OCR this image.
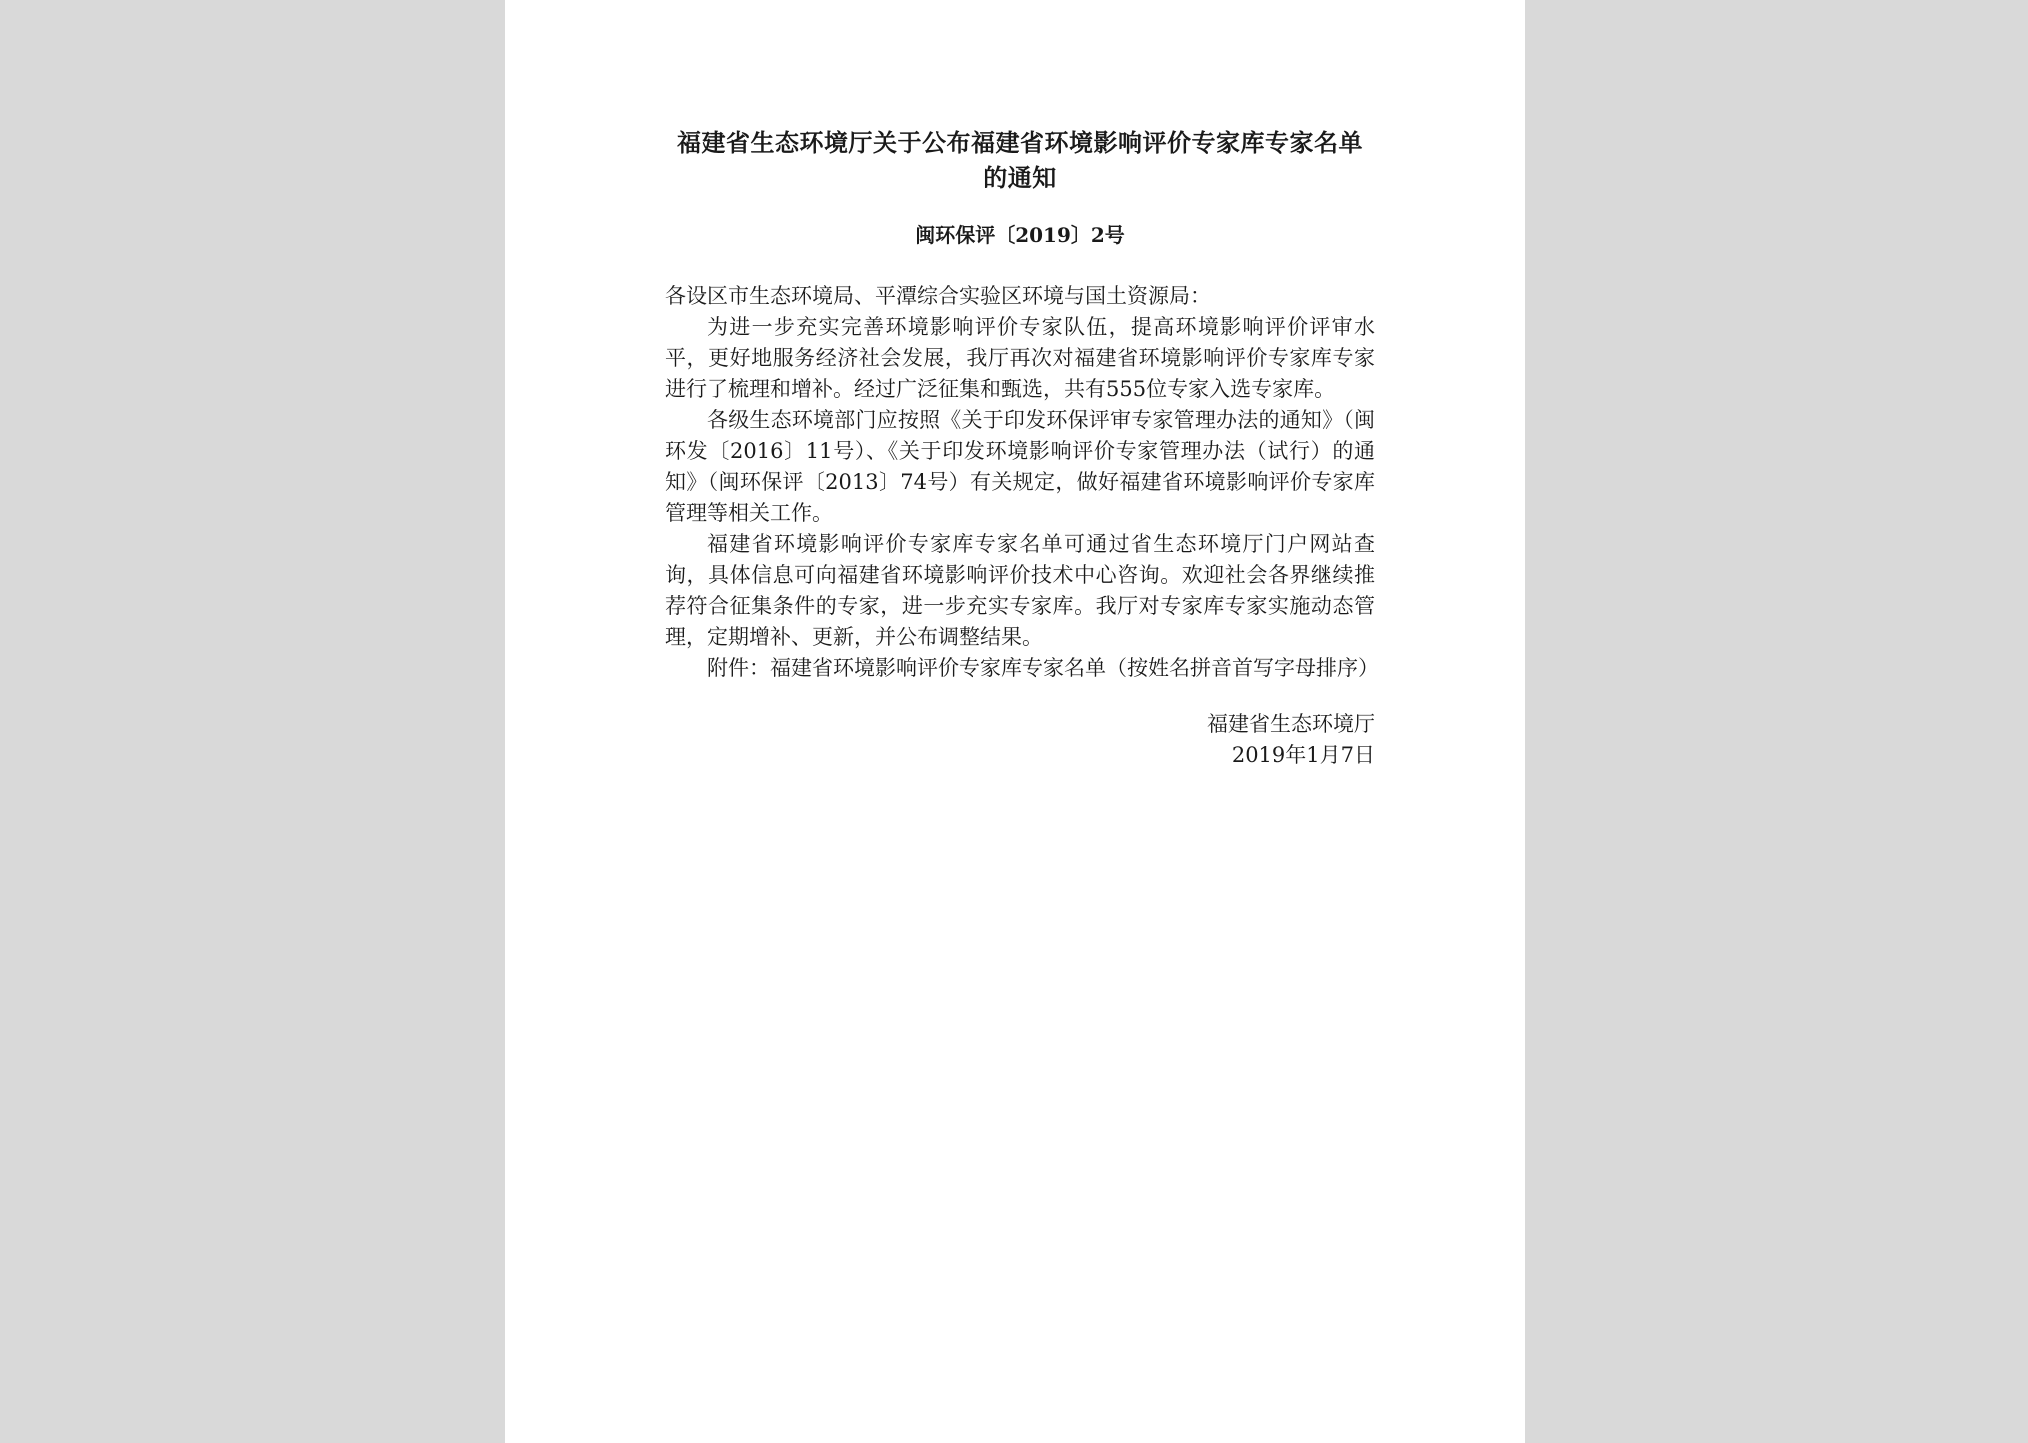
福建省生态环境厅关于公布福建省环境影响评价专家库专家名单的通知
闽环保评〔2019〕2号
各设区市生态环境局、平潭综合实验区环境与国土资源局：

为进一步充实完善环境影响评价专家队伍，提高环境影响评价评审水平，更好地服务经济社会发展，我厅再次对福建省环境影响评价专家库专家进行了梳理和增补。经过广泛征集和甄选，共有555位专家入选专家库。

各级生态环境部门应按照《关于印发环保评审专家管理办法的通知》（闽环发〔2016〕11号）、《关于印发环境影响评价专家管理办法（试行）的通知》（闽环保评〔2013〕74号）有关规定，做好福建省环境影响评价专家库管理等相关工作。

福建省环境影响评价专家库专家名单可通过省生态环境厅门户网站查询，具体信息可向福建省环境影响评价技术中心咨询。欢迎社会各界继续推荐符合征集条件的专家，进一步充实专家库。我厅对专家库专家实施动态管理，定期增补、更新，并公布调整结果。

附件：福建省环境影响评价专家库专家名单（按姓名拼音首写字母排序）

福建省生态环境厅
2019年1月7日
